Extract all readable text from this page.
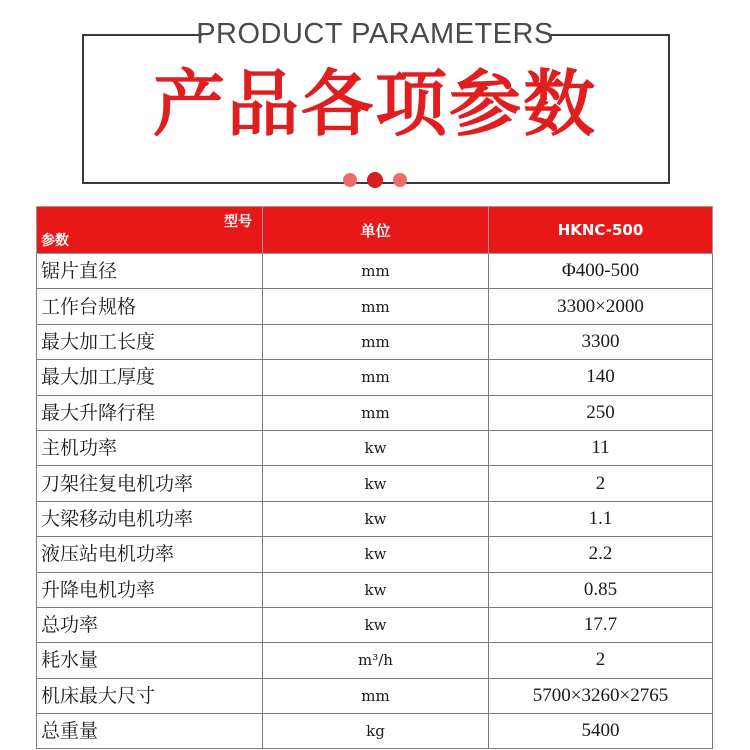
PRODUCT PARAMETERS
产品各项参数
型号
参数	单位	HKNC-500
锯片直径	mm	Φ400-500
工作台规格	mm	3300×2000
最大加工长度	mm	3300
最大加工厚度	mm	140
最大升降行程	mm	250
主机功率	kw	11
刀架往复电机功率	kw	2
大梁移动电机功率	kw	1.1
液压站电机功率	kw	2.2
升降电机功率	kw	0.85
总功率	kw	17.7
耗水量	m³/h	2
机床最大尺寸	mm	5700×3260×2765
总重量	kg	5400
